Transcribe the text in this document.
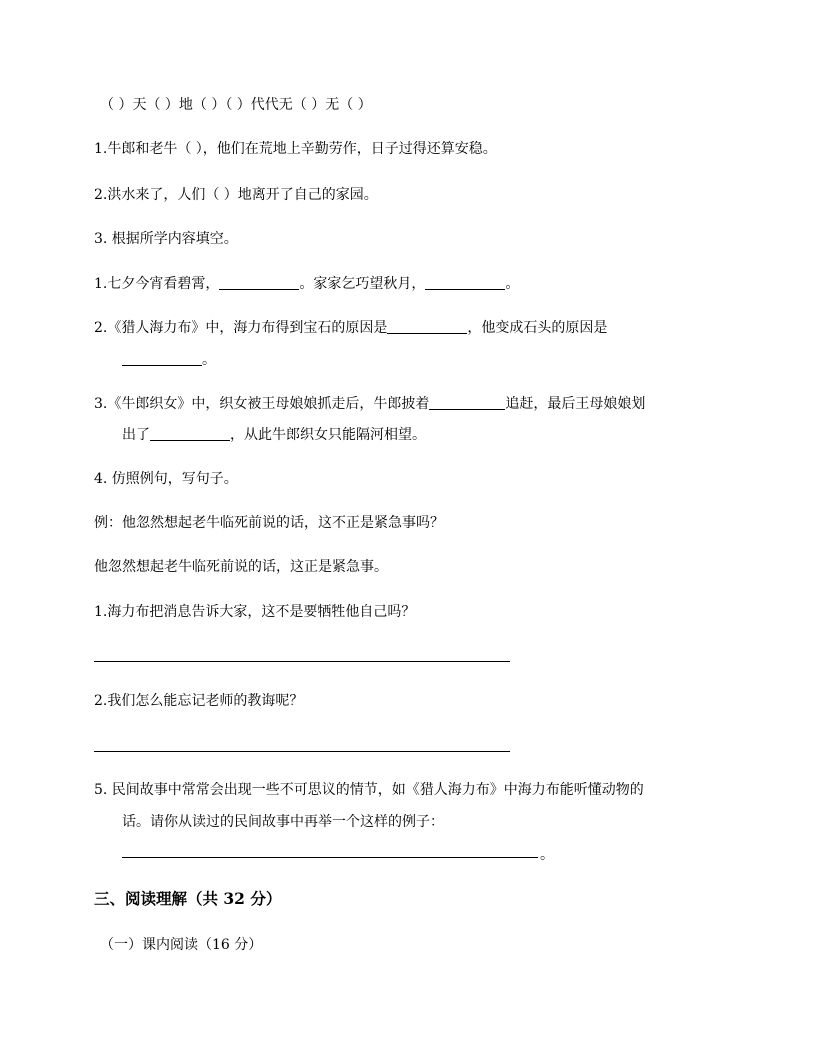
（ ）天（ ）地（ ）（ ）代代无（ ）无（ ）
1.牛郎和老牛（ ），他们在荒地上辛勤劳作，日子过得还算安稳。
2.洪水来了，人们（ ）地离开了自己的家园。
3. 根据所学内容填空。
1.七夕今宵看碧霄，	。家家乞巧望秋月，	。
2.《猎人海力布》中，海力布得到宝石的原因是	，他变成石头的原因是
。
3.《牛郎织女》中，织女被王母娘娘抓走后，牛郎披着	追赶，最后王母娘娘划
出了	，从此牛郎织女只能隔河相望。
4. 仿照例句，写句子。
例：他忽然想起老牛临死前说的话，这不正是紧急事吗？
他忽然想起老牛临死前说的话，这正是紧急事。
1.海力布把消息告诉大家，这不是要牺牲他自己吗？
2.我们怎么能忘记老师的教诲呢？
5. 民间故事中常常会出现一些不可思议的情节，如《猎人海力布》中海力布能听懂动物的
话。请你从读过的民间故事中再举一个这样的例子：
。
三、阅读理解（共 32 分）
（一）课内阅读（16 分）
